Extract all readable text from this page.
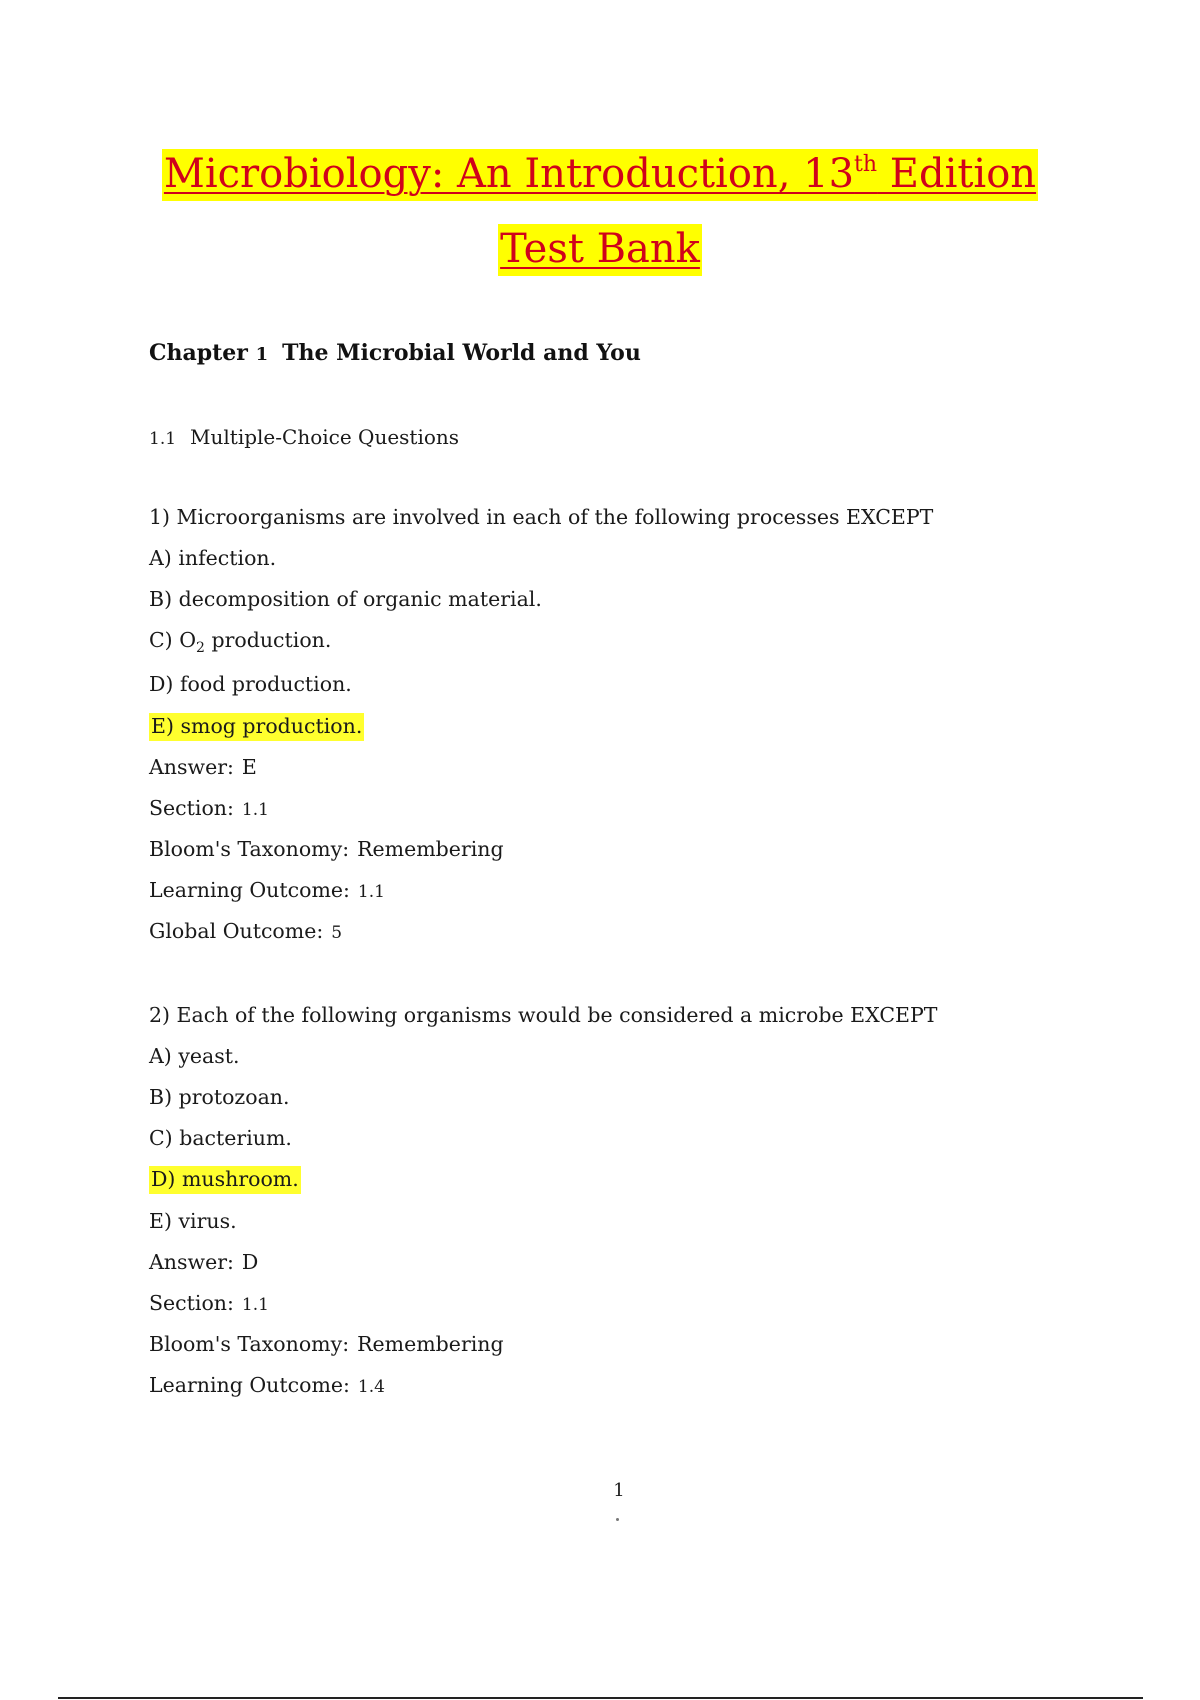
Microbiology: An Introduction, 13th Edition
Test Bank
Chapter 1 The Microbial World and You
1.1 Multiple-Choice Questions
1) Microorganisms are involved in each of the following processes EXCEPT
A) infection.
B) decomposition of organic material.
C) $O_2$ production.
D) food production.
E) smog production.
Answer: E
Section: 1.1
Bloom's Taxonomy: Remembering
Learning Outcome: 1.1
Global Outcome: 5
2) Each of the following organisms would be considered a microbe EXCEPT
A) yeast.
B) protozoan.
C) bacterium.
D) mushroom.
E) virus.
Answer: D
Section: 1.1
Bloom's Taxonomy: Remembering
Learning Outcome: 1.4
1
